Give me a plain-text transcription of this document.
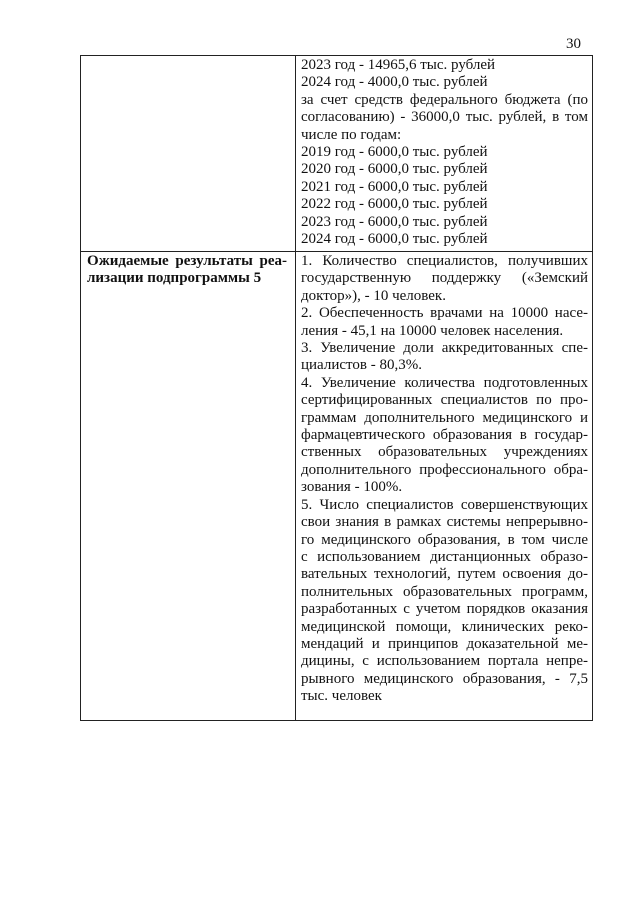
30
2023 год - 14965,6 тыс. рублей
2024 год - 4000,0 тыс. рублей
за счет средств федерального бюджета (по
согласованию) - 36000,0 тыс. рублей, в том
числе по годам:
2019 год - 6000,0 тыс. рублей
2020 год - 6000,0 тыс. рублей
2021 год - 6000,0 тыс. рублей
2022 год - 6000,0 тыс. рублей
2023 год - 6000,0 тыс. рублей
2024 год - 6000,0 тыс. рублей
Ожидаемые результаты реа-
лизации подпрограммы 5
1. Количество специалистов, получивших
государственную поддержку («Земский
доктор»), - 10 человек.
2. Обеспеченность врачами на 10000 насе-
ления - 45,1 на 10000 человек населения.
3. Увеличение доли аккредитованных спе-
циалистов - 80,3%.
4. Увеличение количества подготовленных
сертифицированных специалистов по про-
граммам дополнительного медицинского и
фармацевтического образования в государ-
ственных образовательных учреждениях
дополнительного профессионального обра-
зования - 100%.
5. Число специалистов совершенствующих
свои знания в рамках системы непрерывно-
го медицинского образования, в том числе
с использованием дистанционных образо-
вательных технологий, путем освоения до-
полнительных образовательных программ,
разработанных с учетом порядков оказания
медицинской помощи, клинических реко-
мендаций и принципов доказательной ме-
дицины, с использованием портала непре-
рывного медицинского образования, - 7,5
тыс. человек
